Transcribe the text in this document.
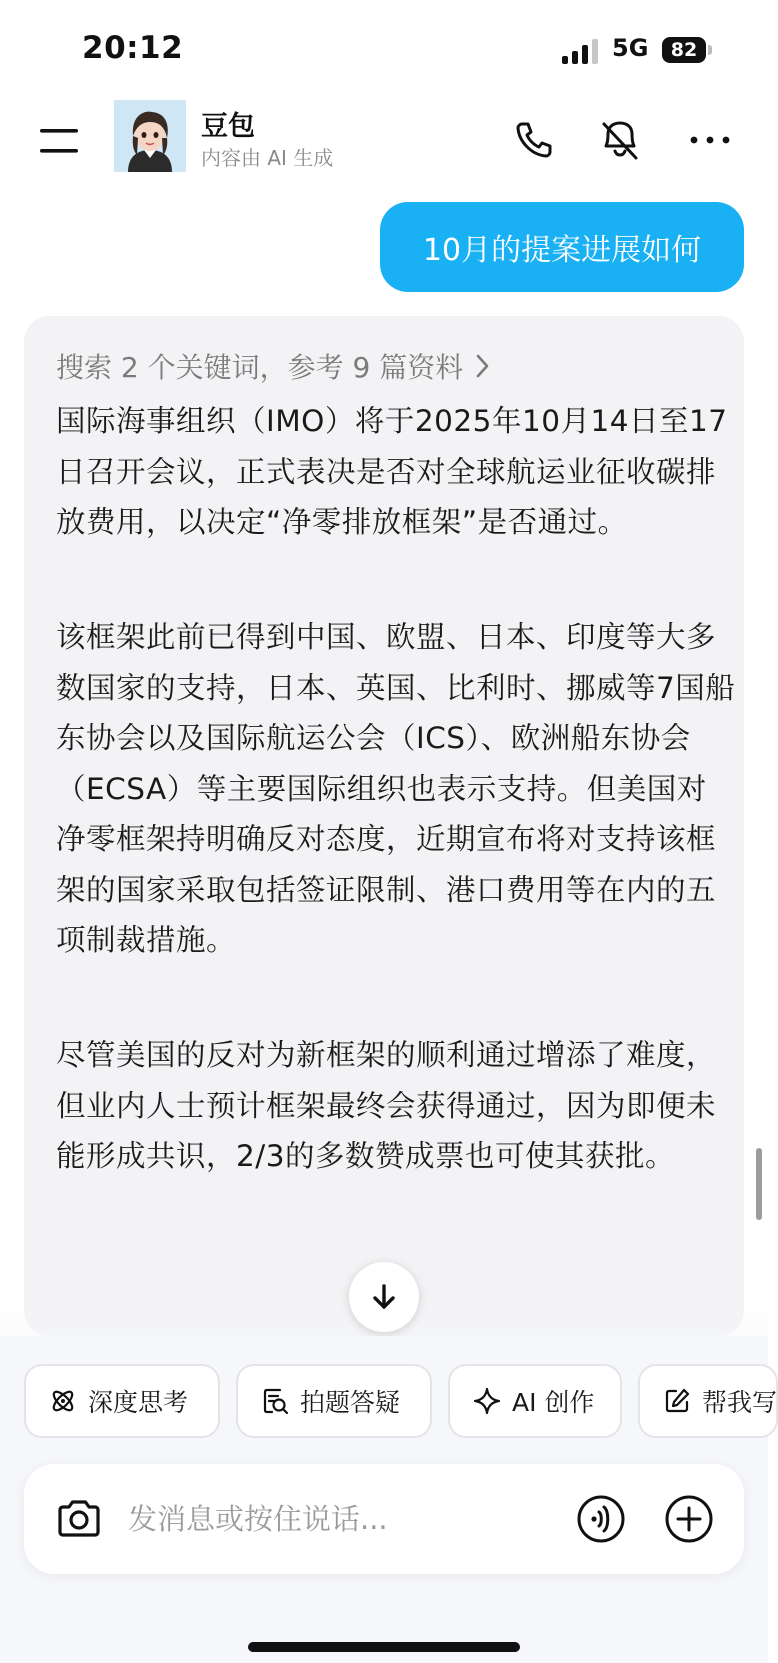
20:12	5G	82
豆包
内容由 AI 生成
10月的提案进展如何
搜索 2 个关键词，参考 9 篇资料
国际海事组织（IMO）将于2025年10月14日至17日召开会议，正式表决是否对全球航运业征收碳排放费用，以决定“净零排放框架”是否通过。
该框架此前已得到中国、欧盟、日本、印度等大多数国家的支持，日本、英国、比利时、挪威等7国船东协会以及国际航运公会（ICS）、欧洲船东协会（ECSA）等主要国际组织也表示支持。但美国对净零框架持明确反对态度，近期宣布将对支持该框架的国家采取包括签证限制、港口费用等在内的五项制裁措施。
尽管美国的反对为新框架的顺利通过增添了难度，但业内人士预计框架最终会获得通过，因为即便未能形成共识，2/3的多数赞成票也可使其获批。
深度思考	拍题答疑	AI 创作	帮我写
发消息或按住说话...
